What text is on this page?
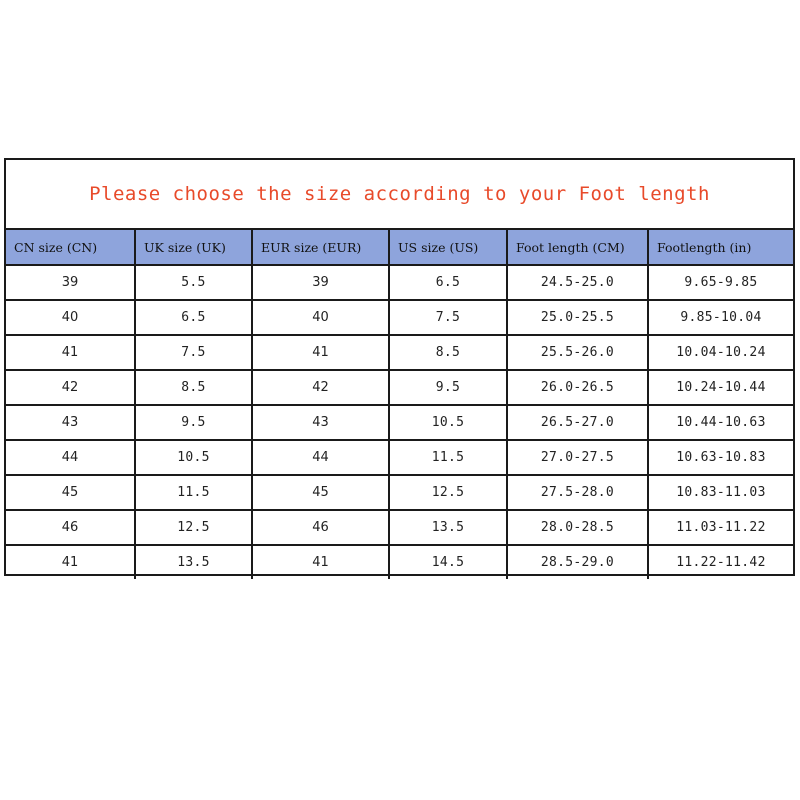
Please choose the size according to your Foot length
CN size (CN)	UK size (UK)	EUR size (EUR)	US size (US)	Foot length (CM)	Footlength (in)
39	5.5	39	6.5	24.5-25.0	9.65-9.85
40	6.5	40	7.5	25.0-25.5	9.85-10.04
41	7.5	41	8.5	25.5-26.0	10.04-10.24
42	8.5	42	9.5	26.0-26.5	10.24-10.44
43	9.5	43	10.5	26.5-27.0	10.44-10.63
44	10.5	44	11.5	27.0-27.5	10.63-10.83
45	11.5	45	12.5	27.5-28.0	10.83-11.03
46	12.5	46	13.5	28.0-28.5	11.03-11.22
41	13.5	41	14.5	28.5-29.0	11.22-11.42
